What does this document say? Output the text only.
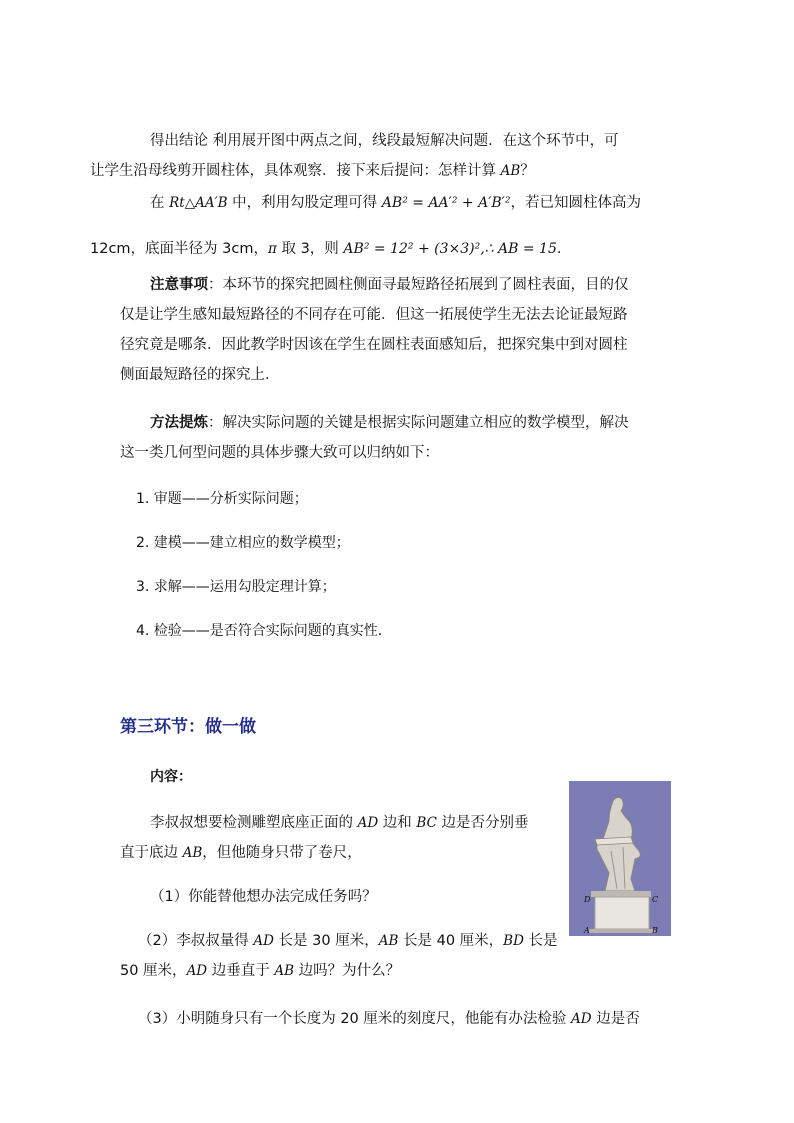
得出结论 利用展开图中两点之间，线段最短解决问题．在这个环节中，可
让学生沿母线剪开圆柱体，具体观察．接下来后提问：怎样计算 AB？

在 Rt△AA′B 中，利用勾股定理可得 AB² = AA′² + A′B′²，若已知圆柱体高为
12cm，底面半径为 3cm，π 取 3，则 AB² = 12² + (3×3)²,∴ AB = 15．

注意事项：本环节的探究把圆柱侧面寻最短路径拓展到了圆柱表面，目的仅
仅是让学生感知最短路径的不同存在可能．但这一拓展使学生无法去论证最短路
径究竟是哪条．因此教学时因该在学生在圆柱表面感知后，把探究集中到对圆柱
侧面最短路径的探究上．

方法提炼：解决实际问题的关键是根据实际问题建立相应的数学模型，解决
这一类几何型问题的具体步骤大致可以归纳如下：

1. 审题——分析实际问题；

2. 建模——建立相应的数学模型；

3. 求解——运用勾股定理计算；

4. 检验——是否符合实际问题的真实性．

第三环节：做一做

内容：

李叔叔想要检测雕塑底座正面的 AD 边和 BC 边是否分别垂
直于底边 AB，但他随身只带了卷尺，

（1）你能替他想办法完成任务吗？

（2）李叔叔量得 AD 长是 30 厘米，AB 长是 40 厘米，BD 长是

50 厘米，AD 边垂直于 AB 边吗？为什么？

（3）小明随身只有一个长度为 20 厘米的刻度尺，他能有办法检验 AD 边是否

D	C
A	B
